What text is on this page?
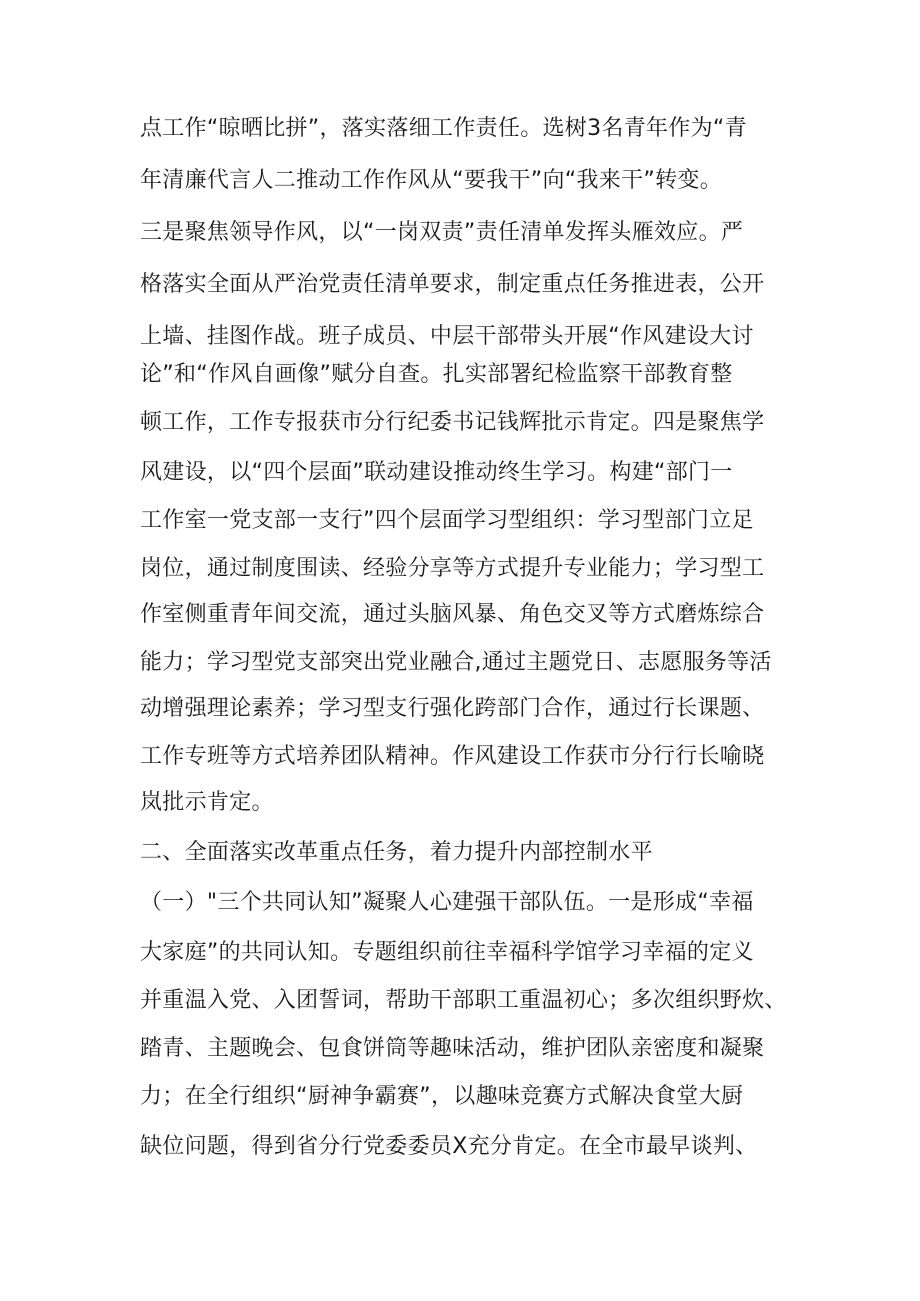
点工作“晾晒比拼”，落实落细工作责任。选树3名青年作为“青
年清廉代言人二推动工作作风从“要我干”向“我来干”转变。
三是聚焦领导作风，以“一岗双责”责任清单发挥头雁效应。严
格落实全面从严治党责任清单要求，制定重点任务推进表，公开
上墙、挂图作战。班子成员、中层干部带头开展“作风建设大讨
论”和“作风自画像”赋分自查。扎实部署纪检监察干部教育整
顿工作，工作专报获市分行纪委书记钱辉批示肯定。四是聚焦学
风建设，以“四个层面”联动建设推动终生学习。构建“部门一
工作室一党支部一支行”四个层面学习型组织：学习型部门立足
岗位，通过制度围读、经验分享等方式提升专业能力；学习型工
作室侧重青年间交流，通过头脑风暴、角色交叉等方式磨炼综合
能力；学习型党支部突出党业融合,通过主题党日、志愿服务等活
动增强理论素养；学习型支行强化跨部门合作，通过行长课题、
工作专班等方式培养团队精神。作风建设工作获市分行行长喻晓
岚批示肯定。
二、全面落实改革重点任务，着力提升内部控制水平
（一）"三个共同认知”凝聚人心建强干部队伍。一是形成“幸福
大家庭”的共同认知。专题组织前往幸福科学馆学习幸福的定义
并重温入党、入团誓词，帮助干部职工重温初心；多次组织野炊、
踏青、主题晚会、包食饼筒等趣味活动，维护团队亲密度和凝聚
力；在全行组织“厨神争霸赛”，以趣味竞赛方式解决食堂大厨
缺位问题，得到省分行党委委员X充分肯定。在全市最早谈判、
